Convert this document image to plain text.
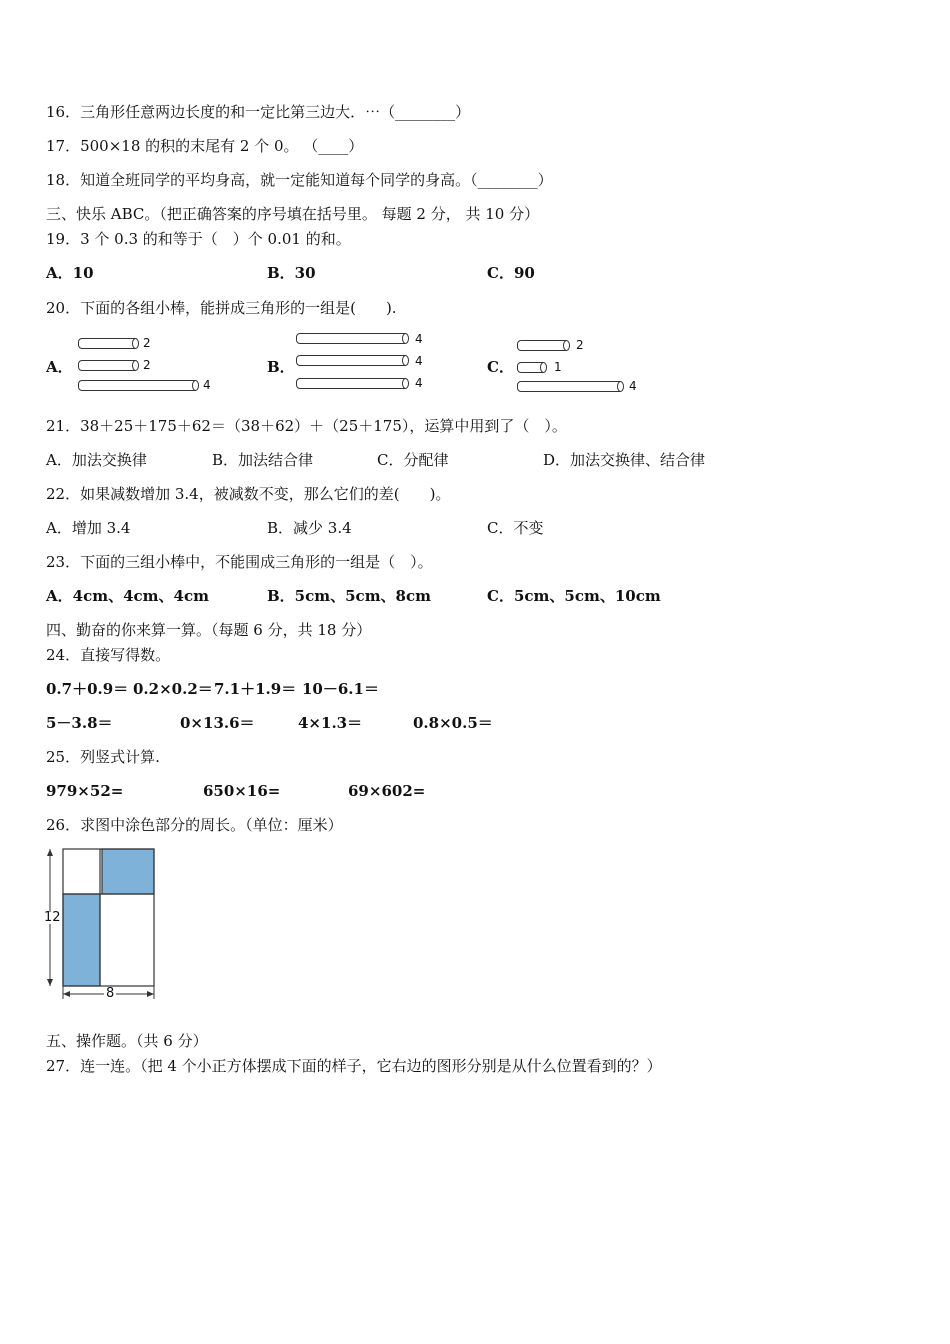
16．三角形任意两边长度的和一定比第三边大．⋯（________）
17．500×18 的积的末尾有 2 个 0。 （____）
18．知道全班同学的平均身高，就一定能知道每个同学的身高。（________）
三、快乐 ABC。（把正确答案的序号填在括号里。 每题 2 分， 共 10 分）
19．3 个 0.3 的和等于（　）个 0.01 的和。
A．10	B．30	C．90
20．下面的各组小棒，能拼成三角形的一组是(　　).
A．
2
2
4
B．
4
4
4
C．
2
1
4
21．38＋25＋175＋62＝（38＋62）＋（25＋175），运算中用到了（　）。
A．加法交换律	B．加法结合律	C．分配律	D．加法交换律、结合律
22．如果减数增加 3.4，被减数不变，那么它们的差(　　)。
A．增加 3.4	B．减少 3.4	C．不变
23．下面的三组小棒中，不能围成三角形的一组是（　）。
A．4cm、4cm、4cm	B．5cm、5cm、8cm	C．5cm、5cm、10cm
四、勤奋的你来算一算。（每题 6 分，共 18 分）
24．直接写得数。
0.7＋0.9＝ 0.2×0.2＝ 7.1＋1.9＝ 10－6.1＝
5－3.8＝	0×13.6＝	4×1.3＝	0.8×0.5＝
25．列竖式计算.
979×52=	650×16=	69×602=
26．求图中涂色部分的周长。（单位：厘米）
12
8
五、操作题。（共 6 分）
27．连一连。（把 4 个小正方体摆成下面的样子，它右边的图形分别是从什么位置看到的？）
